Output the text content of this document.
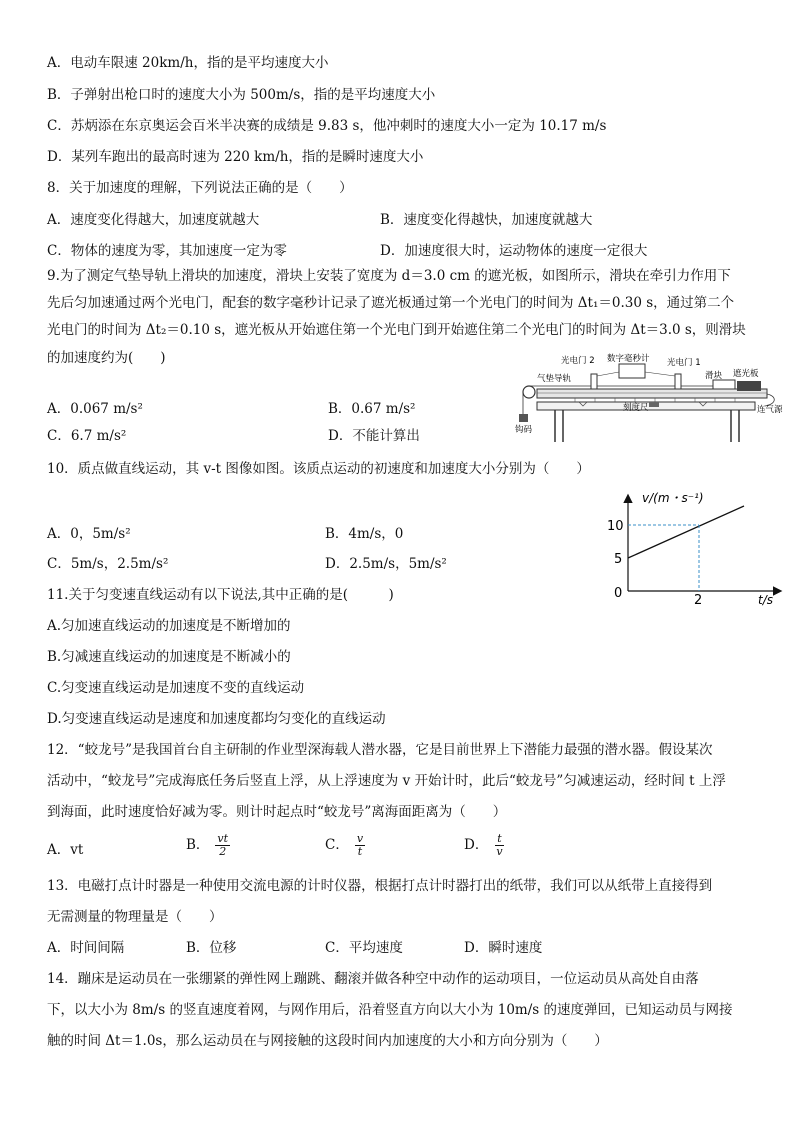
A．电动车限速 20km/h，指的是平均速度大小
B．子弹射出枪口时的速度大小为 500m/s，指的是平均速度大小
C．苏炳添在东京奥运会百米半决赛的成绩是 9.83 s，他冲刺时的速度大小一定为 10.17 m/s
D．某列车跑出的最高时速为 220 km/h，指的是瞬时速度大小
8．关于加速度的理解，下列说法正确的是（　　）
A．速度变化得越大，加速度就越大	B．速度变化得越快，加速度就越大
C．物体的速度为零，其加速度一定为零	D．加速度很大时，运动物体的速度一定很大
9.为了测定气垫导轨上滑块的加速度，滑块上安装了宽度为 d＝3.0 cm 的遮光板，如图所示，滑块在牵引力作用下
先后匀加速通过两个光电门，配套的数字毫秒计记录了遮光板通过第一个光电门的时间为 Δt₁＝0.30 s，通过第二个
光电门的时间为 Δt₂＝0.10 s，遮光板从开始遮住第一个光电门到开始遮住第二个光电门的时间为 Δt＝3.0 s，则滑块
的加速度约为(　　)
A．0.067 m/s²	B．0.67 m/s²
C．6.7 m/s²	D．不能计算出
光电门 2 数字毫秒计 光电门 1
气垫导轨	滑块 遮光板
刻度尺
钩码
连气源
10．质点做直线运动，其 v-t 图像如图。该质点运动的初速度和加速度大小分别为（　　）
A．0，5m/s²	B．4m/s，0
C．5m/s，2.5m/s²	D．2.5m/s，5m/s²
v/(m・s⁻¹)
t/s
10
5
0	2
11.关于匀变速直线运动有以下说法,其中正确的是(　　　)
A.匀加速直线运动的加速度是不断增加的
B.匀减速直线运动的加速度是不断减小的
C.匀变速直线运动是加速度不变的直线运动
D.匀变速直线运动是速度和加速度都均匀变化的直线运动
12．“蛟龙号”是我国首台自主研制的作业型深海载人潜水器，它是目前世界上下潜能力最强的潜水器。假设某次
活动中，“蛟龙号”完成海底任务后竖直上浮，从上浮速度为 v 开始计时，此后“蛟龙号”匀减速运动，经时间 t 上浮
到海面，此时速度恰好减为零。则计时起点时“蛟龙号”离海面距离为（　　）
A．vt	B． $\frac{vt}{2}$	C． $\frac{v}{t}$	D． $\frac{t}{v}$
13．电磁打点计时器是一种使用交流电源的计时仪器，根据打点计时器打出的纸带，我们可以从纸带上直接得到
无需测量的物理量是（　　）
A．时间间隔	B．位移	C．平均速度	D．瞬时速度
14．蹦床是运动员在一张绷紧的弹性网上蹦跳、翻滚并做各种空中动作的运动项目，一位运动员从高处自由落
下，以大小为 8m/s 的竖直速度着网，与网作用后，沿着竖直方向以大小为 10m/s 的速度弹回，已知运动员与网接
触的时间 Δt＝1.0s，那么运动员在与网接触的这段时间内加速度的大小和方向分别为（　　）
